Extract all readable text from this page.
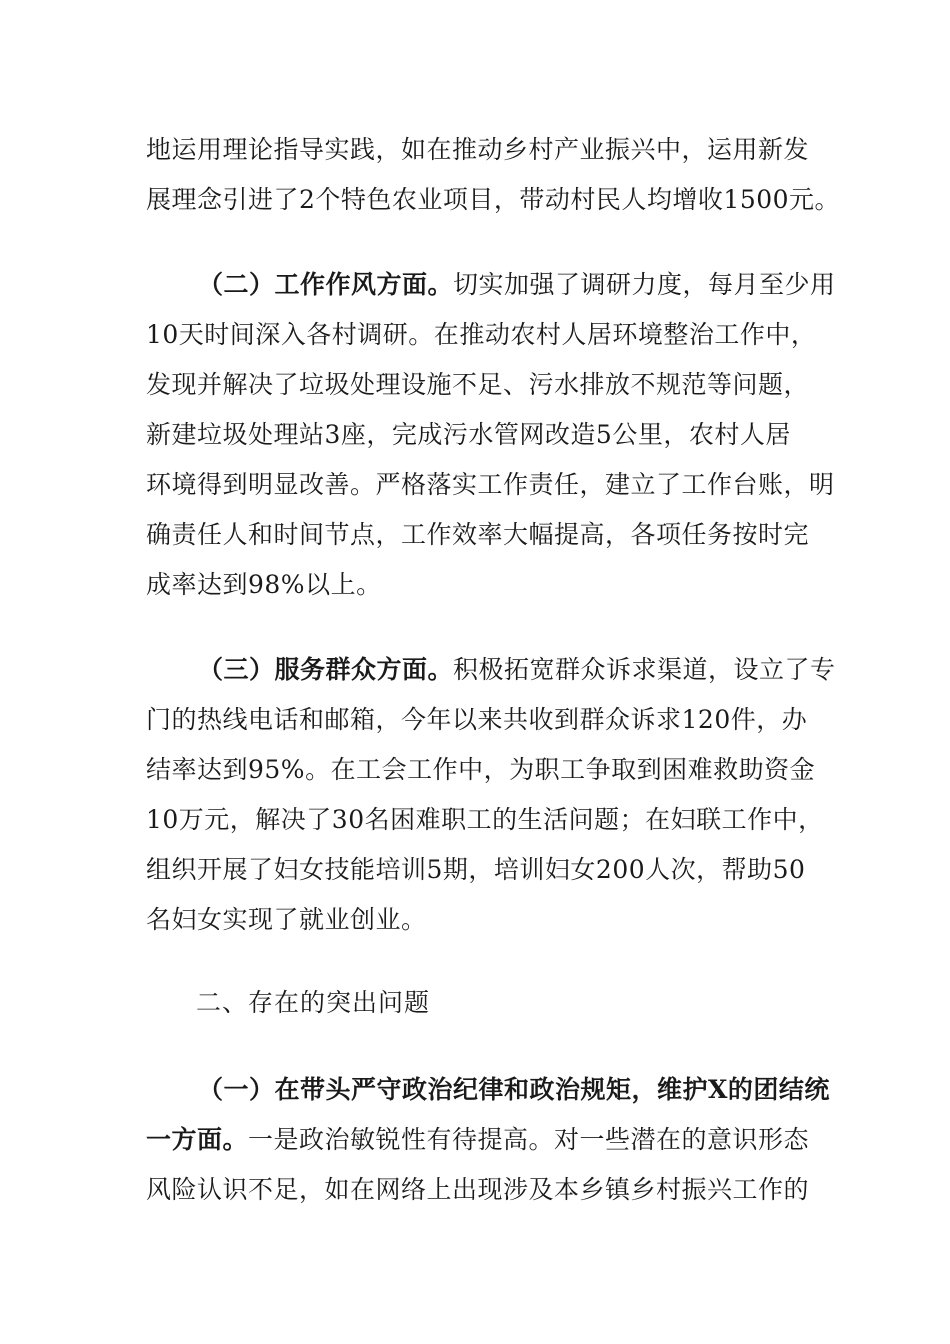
地运用理论指导实践，如在推动乡村产业振兴中，运用新发
展理念引进了2个特色农业项目，带动村民人均增收1500元。
（二）工作作风方面。切实加强了调研力度，每月至少用
10天时间深入各村调研。在推动农村人居环境整治工作中，
发现并解决了垃圾处理设施不足、污水排放不规范等问题，
新建垃圾处理站3座，完成污水管网改造5公里，农村人居
环境得到明显改善。严格落实工作责任，建立了工作台账，明
确责任人和时间节点，工作效率大幅提高，各项任务按时完
成率达到98%以上。
（三）服务群众方面。积极拓宽群众诉求渠道，设立了专
门的热线电话和邮箱，今年以来共收到群众诉求120件，办
结率达到95%。在工会工作中，为职工争取到困难救助资金
10万元，解决了30名困难职工的生活问题；在妇联工作中，
组织开展了妇女技能培训5期，培训妇女200人次，帮助50
名妇女实现了就业创业。
二、存在的突出问题
（一）在带头严守政治纪律和政治规矩，维护X的团结统
一方面。一是政治敏锐性有待提高。对一些潜在的意识形态
风险认识不足，如在网络上出现涉及本乡镇乡村振兴工作的
